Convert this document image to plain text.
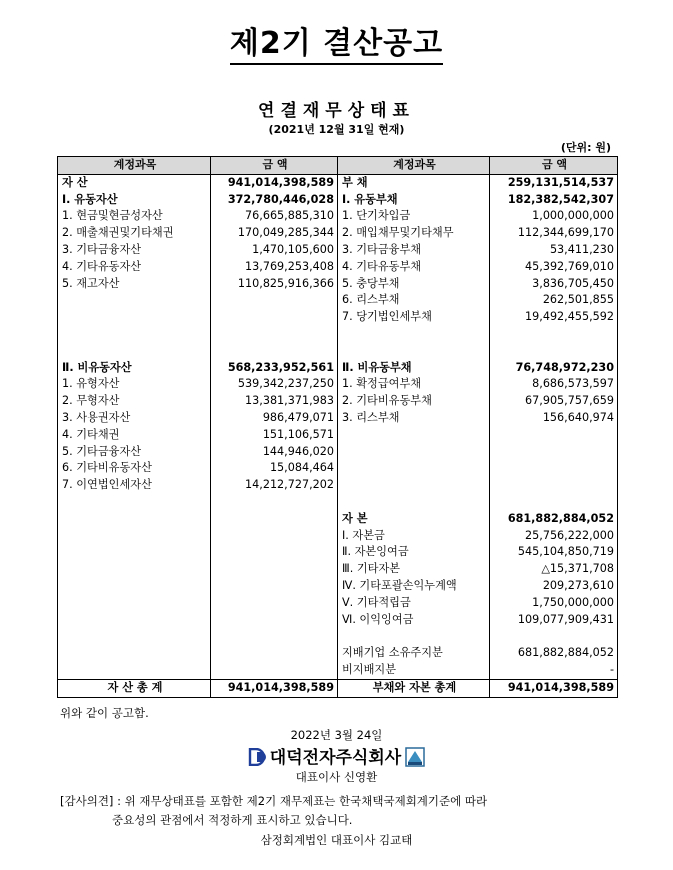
제2기 결산공고
연결재무상태표
(2021년 12월 31일 현재)
(단위: 원)
계정과목	금 액	계정과목	금 액
자 산	941,014,398,589	부 채	259,131,514,537
Ⅰ. 유동자산	372,780,446,028	Ⅰ. 유동부채	182,382,542,307
1. 현금및현금성자산	76,665,885,310	1. 단기차입금	1,000,000,000
2. 매출채권및기타채권	170,049,285,344	2. 매입채무및기타채무	112,344,699,170
3. 기타금융자산	1,470,105,600	3. 기타금융부채	53,411,230
4. 기타유동자산	13,769,253,408	4. 기타유동부채	45,392,769,010
5. 재고자산	110,825,916,366	5. 충당부채	3,836,705,450
		6. 리스부채	262,501,855
		7. 당기법인세부채	19,492,455,592

Ⅱ. 비유동자산	568,233,952,561	Ⅱ. 비유동부채	76,748,972,230
1. 유형자산	539,342,237,250	1. 확정급여부채	8,686,573,597
2. 무형자산	13,381,371,983	2. 기타비유동부채	67,905,757,659
3. 사용권자산	986,479,071	3. 리스부채	156,640,974
4. 기타채권	151,106,571		
5. 기타금융자산	144,946,020		
6. 기타비유동자산	15,084,464		
7. 이연법인세자산	14,212,727,202		

		자 본	681,882,884,052
		Ⅰ. 자본금	25,756,222,000
		Ⅱ. 자본잉여금	545,104,850,719
		Ⅲ. 기타자본	△15,371,708
		Ⅳ. 기타포괄손익누계액	209,273,610
		Ⅴ. 기타적립금	1,750,000,000
		Ⅵ. 이익잉여금	109,077,909,431

		지배기업 소유주지분	681,882,884,052
		비지배지분	-
자 산 총 계	941,014,398,589	부채와 자본 총계	941,014,398,589
위와 같이 공고함.
2022년 3월 24일
대덕전자주식회사
대표이사 신영환
[감사의견] : 위 재무상태표를 포함한 제2기 재무제표는 한국채택국제회계기준에 따라
중요성의 관점에서 적정하게 표시하고 있습니다.
삼정회계법인 대표이사 김교태
